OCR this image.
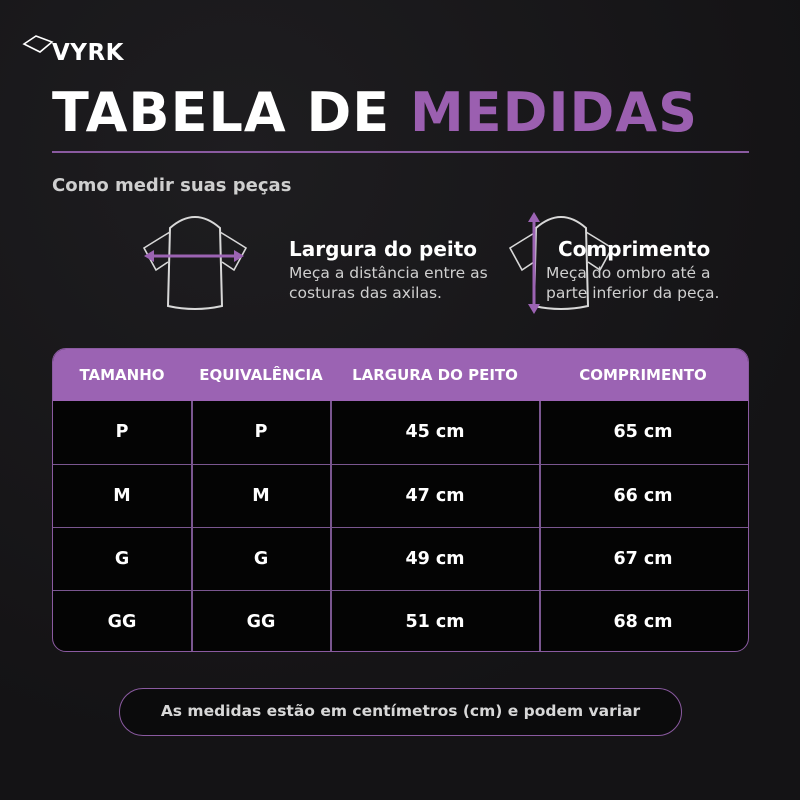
VYRK
TABELA DE MEDIDAS
Como medir suas peças
Largura do peito
Meça a distância entre as
costuras das axilas.
Comprimento
Meça do ombro até a
parte inferior da peça.
TAMANHO	EQUIVALÊNCIA	LARGURA DO PEITO	COMPRIMENTO
P	P	45 cm	65 cm
M	M	47 cm	66 cm
G	G	49 cm	67 cm
GG	GG	51 cm	68 cm
As medidas estão em centímetros (cm) e podem variar
